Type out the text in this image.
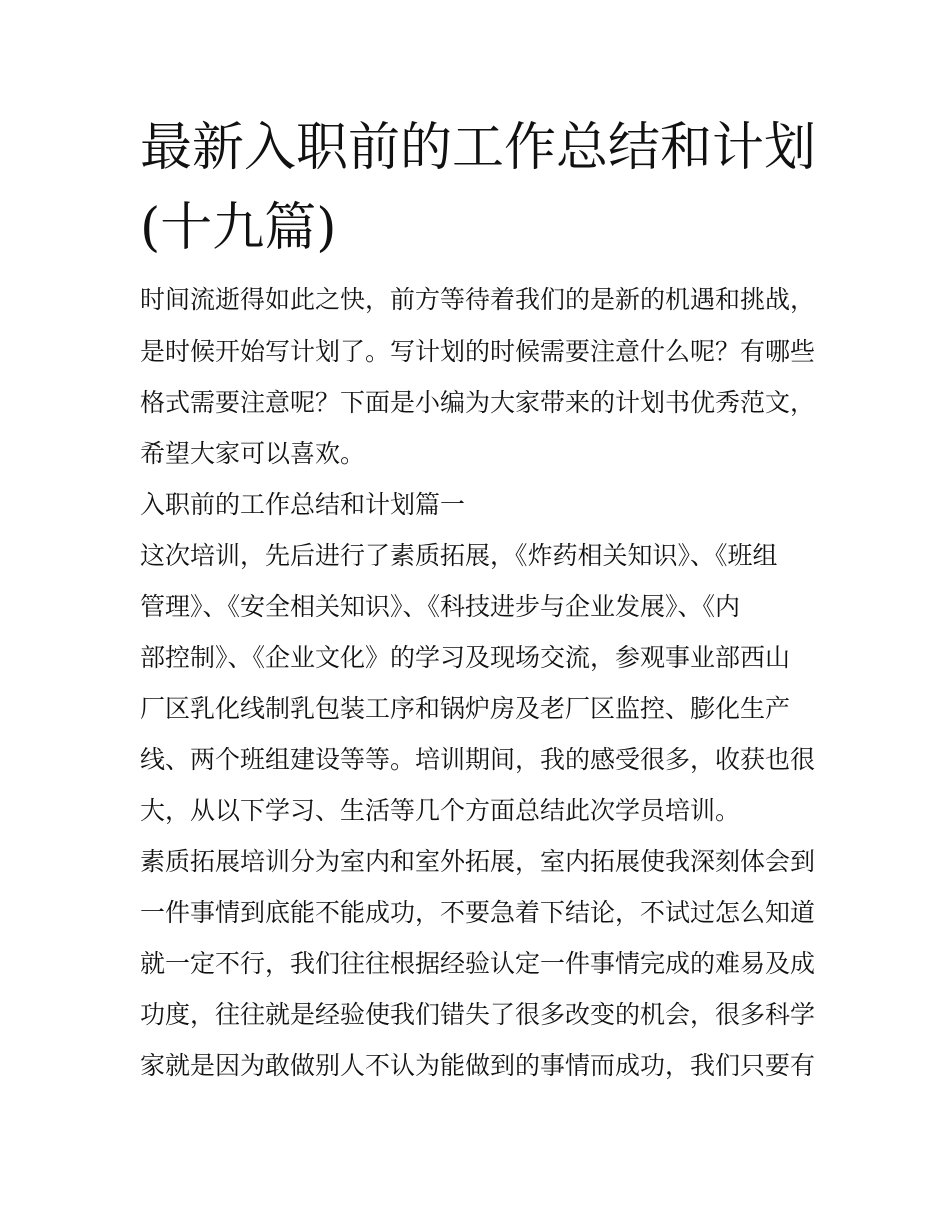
最新入职前的工作总结和计划
(十九篇)

时间流逝得如此之快，前方等待着我们的是新的机遇和挑战，

是时候开始写计划了。写计划的时候需要注意什么呢？有哪些

格式需要注意呢？下面是小编为大家带来的计划书优秀范文，

希望大家可以喜欢。

入职前的工作总结和计划篇一

这次培训，先后进行了素质拓展，《炸药相关知识》、《班组

管理》、《安全相关知识》、《科技进步与企业发展》、《内

部控制》、《企业文化》的学习及现场交流，参观事业部西山

厂区乳化线制乳包装工序和锅炉房及老厂区监控、膨化生产

线、两个班组建设等等。培训期间，我的感受很多，收获也很

大，从以下学习、生活等几个方面总结此次学员培训。

素质拓展培训分为室内和室外拓展，室内拓展使我深刻体会到

一件事情到底能不能成功，不要急着下结论，不试过怎么知道

就一定不行，我们往往根据经验认定一件事情完成的难易及成

功度，往往就是经验使我们错失了很多改变的机会，很多科学

家就是因为敢做别人不认为能做到的事情而成功，我们只要有
